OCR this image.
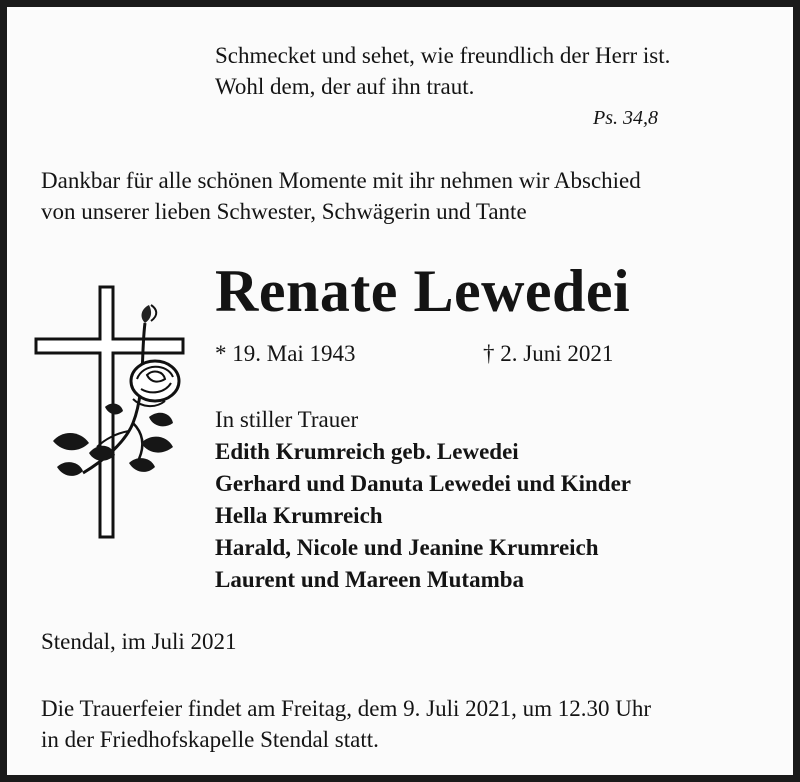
Schmecket und sehet, wie freundlich der Herr ist.
Wohl dem, der auf ihn traut.
Ps. 34,8
Dankbar für alle schönen Momente mit ihr nehmen wir Abschied
von unserer lieben Schwester, Schwägerin und Tante
Renate Lewedei
* 19. Mai 1943	† 2. Juni 2021
In stiller Trauer
Edith Krumreich geb. Lewedei
Gerhard und Danuta Lewedei und Kinder
Hella Krumreich
Harald, Nicole und Jeanine Krumreich
Laurent und Mareen Mutamba
Stendal, im Juli 2021
Die Trauerfeier findet am Freitag, dem 9. Juli 2021, um 12.30 Uhr
in der Friedhofskapelle Stendal statt.
